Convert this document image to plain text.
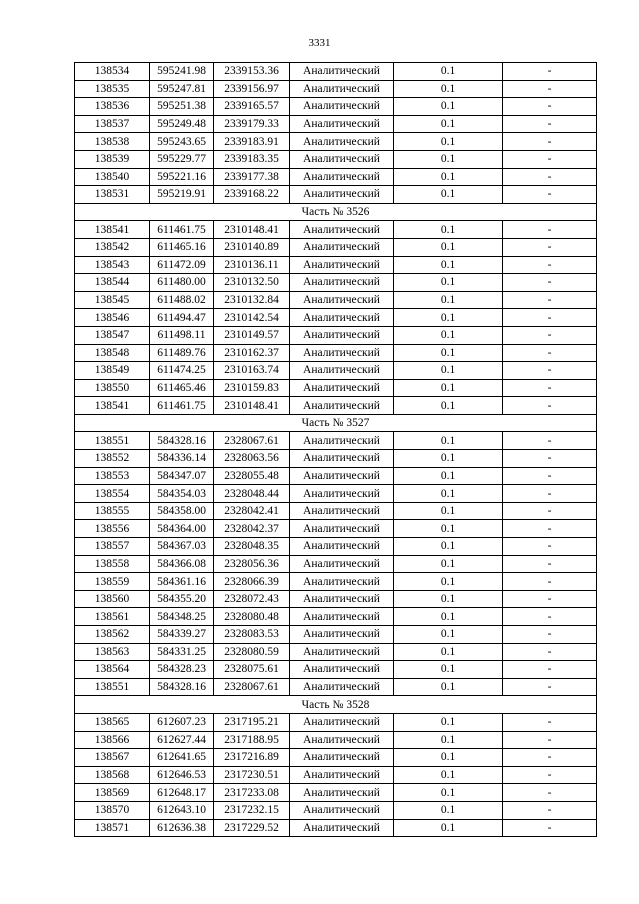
3331
138534	595241.98	2339153.36	Аналитический	0.1	-
138535	595247.81	2339156.97	Аналитический	0.1	-
138536	595251.38	2339165.57	Аналитический	0.1	-
138537	595249.48	2339179.33	Аналитический	0.1	-
138538	595243.65	2339183.91	Аналитический	0.1	-
138539	595229.77	2339183.35	Аналитический	0.1	-
138540	595221.16	2339177.38	Аналитический	0.1	-
138531	595219.91	2339168.22	Аналитический	0.1	-
Часть № 3526					
138541	611461.75	2310148.41	Аналитический	0.1	-
138542	611465.16	2310140.89	Аналитический	0.1	-
138543	611472.09	2310136.11	Аналитический	0.1	-
138544	611480.00	2310132.50	Аналитический	0.1	-
138545	611488.02	2310132.84	Аналитический	0.1	-
138546	611494.47	2310142.54	Аналитический	0.1	-
138547	611498.11	2310149.57	Аналитический	0.1	-
138548	611489.76	2310162.37	Аналитический	0.1	-
138549	611474.25	2310163.74	Аналитический	0.1	-
138550	611465.46	2310159.83	Аналитический	0.1	-
138541	611461.75	2310148.41	Аналитический	0.1	-
Часть № 3527					
138551	584328.16	2328067.61	Аналитический	0.1	-
138552	584336.14	2328063.56	Аналитический	0.1	-
138553	584347.07	2328055.48	Аналитический	0.1	-
138554	584354.03	2328048.44	Аналитический	0.1	-
138555	584358.00	2328042.41	Аналитический	0.1	-
138556	584364.00	2328042.37	Аналитический	0.1	-
138557	584367.03	2328048.35	Аналитический	0.1	-
138558	584366.08	2328056.36	Аналитический	0.1	-
138559	584361.16	2328066.39	Аналитический	0.1	-
138560	584355.20	2328072.43	Аналитический	0.1	-
138561	584348.25	2328080.48	Аналитический	0.1	-
138562	584339.27	2328083.53	Аналитический	0.1	-
138563	584331.25	2328080.59	Аналитический	0.1	-
138564	584328.23	2328075.61	Аналитический	0.1	-
138551	584328.16	2328067.61	Аналитический	0.1	-
Часть № 3528					
138565	612607.23	2317195.21	Аналитический	0.1	-
138566	612627.44	2317188.95	Аналитический	0.1	-
138567	612641.65	2317216.89	Аналитический	0.1	-
138568	612646.53	2317230.51	Аналитический	0.1	-
138569	612648.17	2317233.08	Аналитический	0.1	-
138570	612643.10	2317232.15	Аналитический	0.1	-
138571	612636.38	2317229.52	Аналитический	0.1	-
